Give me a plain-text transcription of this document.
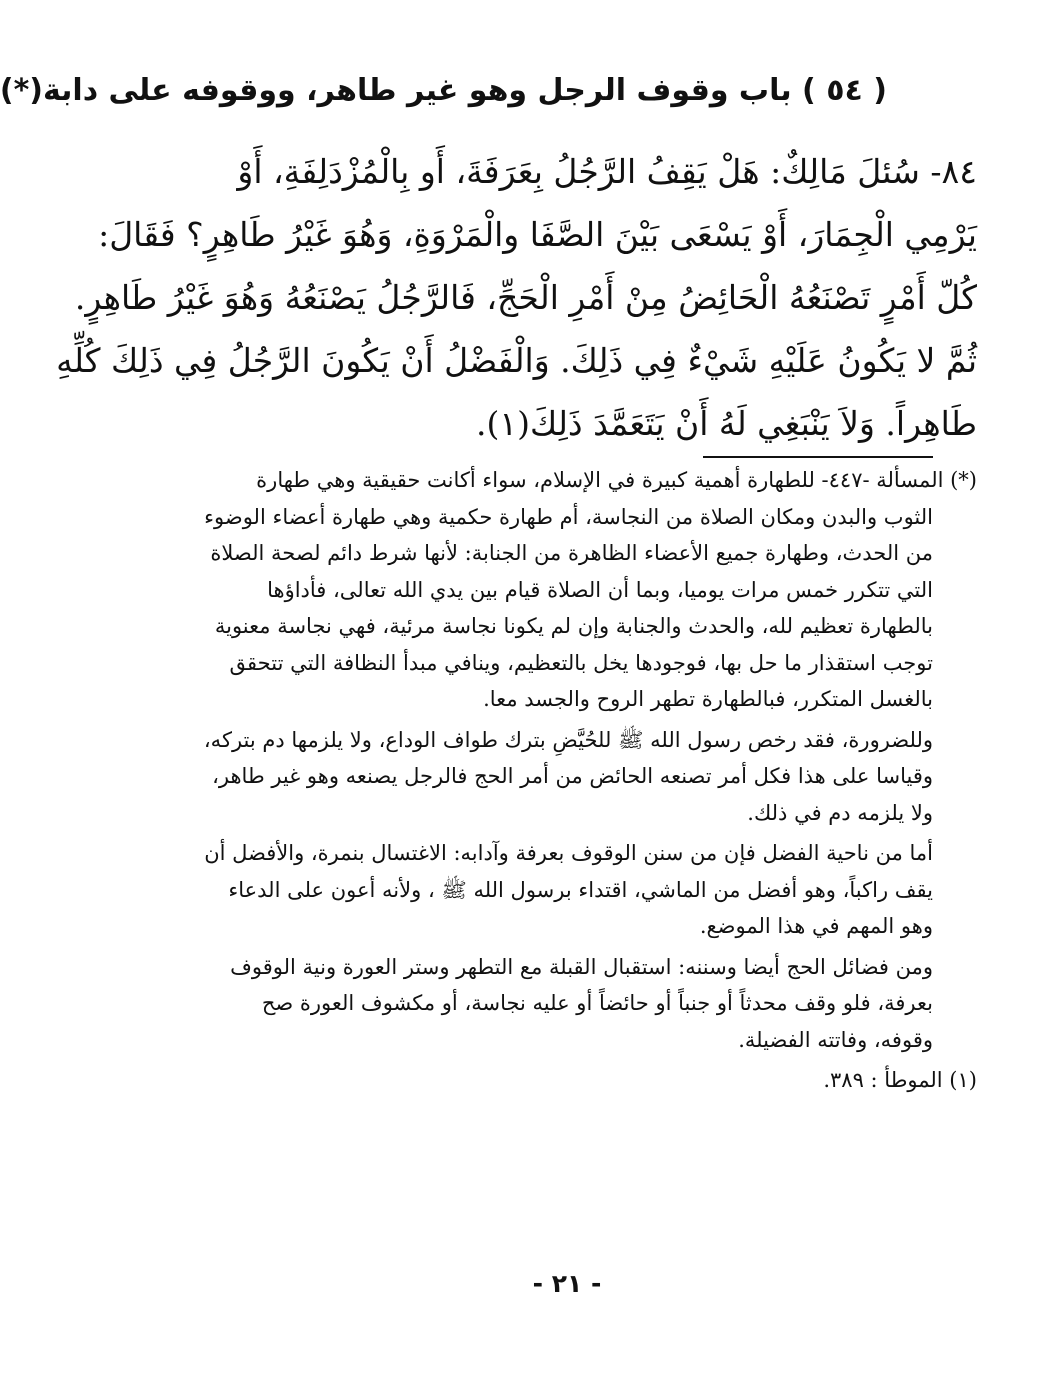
( ٥٤ ) باب وقوف الرجل وهو غير طاهر، ووقوفه على دابة(*)
٨٤- سُئلَ مَالِكٌ: هَلْ يَقِفُ الرَّجُلُ بِعَرَفَةَ، أَو بِالْمُزْدَلِفَةِ، أَوْ
يَرْمِي الْجِمَارَ، أَوْ يَسْعَى بَيْنَ الصَّفَا والْمَرْوَةِ، وَهُوَ غَيْرُ طَاهِرٍ؟ فَقَالَ:
كُلّ أَمْرٍ تَصْنَعُهُ الْحَائِضُ مِنْ أَمْرِ الْحَجِّ، فَالرَّجُلُ يَصْنَعُهُ وَهُوَ غَيْرُ طَاهِرٍ.
ثُمَّ لا يَكُونُ عَلَيْهِ شَيْءٌ فِي ذَلِكَ. وَالْفَضْلُ أَنْ يَكُونَ الرَّجُلُ فِي ذَلِكَ كُلِّهِ
طَاهِراً. وَلاَ يَنْبَغِي لَهُ أَنْ يَتَعَمَّدَ ذَلِكَ(١).
(*) المسألة -٤٤٧- للطهارة أهمية كبيرة في الإسلام، سواء أكانت حقيقية وهي طهارة
الثوب والبدن ومكان الصلاة من النجاسة، أم طهارة حكمية وهي طهارة أعضاء الوضوء
من الحدث، وطهارة جميع الأعضاء الظاهرة من الجنابة: لأنها شرط دائم لصحة الصلاة
التي تتكرر خمس مرات يوميا، وبما أن الصلاة قيام بين يدي الله تعالى، فأداؤها
بالطهارة تعظيم لله، والحدث والجنابة وإن لم يكونا نجاسة مرئية، فهي نجاسة معنوية
توجب استقذار ما حل بها، فوجودها يخل بالتعظيم، وينافي مبدأ النظافة التي تتحقق
بالغسل المتكرر، فبالطهارة تطهر الروح والجسد معا.
وللضرورة، فقد رخص رسول الله ﷺ للحُيَّضِ بترك طواف الوداع، ولا يلزمها دم بتركه،
وقياسا على هذا فكل أمر تصنعه الحائض من أمر الحج فالرجل يصنعه وهو غير طاهر،
ولا يلزمه دم في ذلك.
أما من ناحية الفضل فإن من سنن الوقوف بعرفة وآدابه: الاغتسال بنمرة، والأفضل أن
يقف راكباً، وهو أفضل من الماشي، اقتداء برسول الله ﷺ ، ولأنه أعون على الدعاء
وهو المهم في هذا الموضع.
ومن فضائل الحج أيضا وسننه: استقبال القبلة مع التطهر وستر العورة ونية الوقوف
بعرفة، فلو وقف محدثاً أو جنباً أو حائضاً أو عليه نجاسة، أو مكشوف العورة صح
وقوفه، وفاتته الفضيلة.
(١) الموطأ : ٣٨٩.
- ٢١ -
